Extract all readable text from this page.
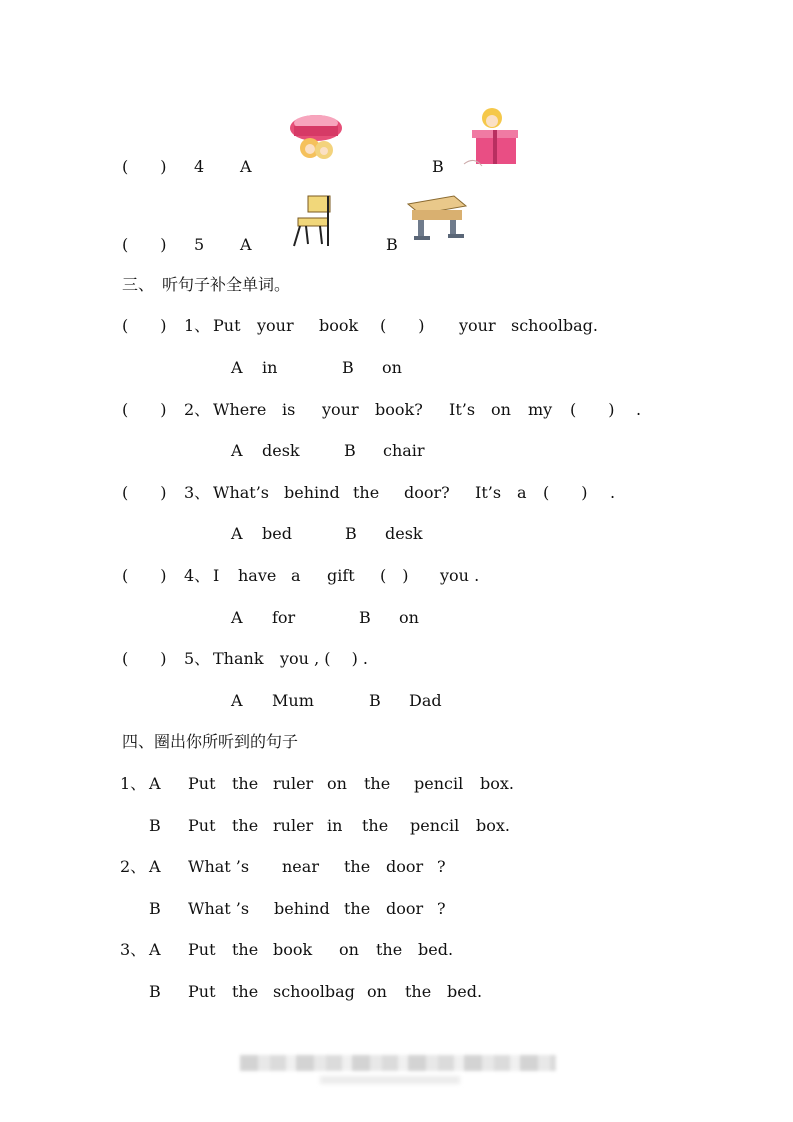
(　　) 4 A	B
(　　) 5 A	B
三、　听句子补全单词。
(　　) 1、 Put your book (　　) your schoolbag.
A in	B on
(　　) 2、 Where is your book? It’s on my (　　) .
A desk	B chair
(　　) 3、 What’s behind the door? It’s a (　　) .
A bed	B desk
(　　) 4、 I have a gift (　) you .
A for	B on
(　　) 5、 Thank you , (　 ) .
A Mum	B Dad
四、圈出你所听到的句子
1、 A Put the ruler on the pencil box.
B Put the ruler in the pencil box.
2、 A What ’s near the door ?
B What ’s behind the door ?
3、 A Put the book on the bed.
B Put the schoolbag on the bed.
